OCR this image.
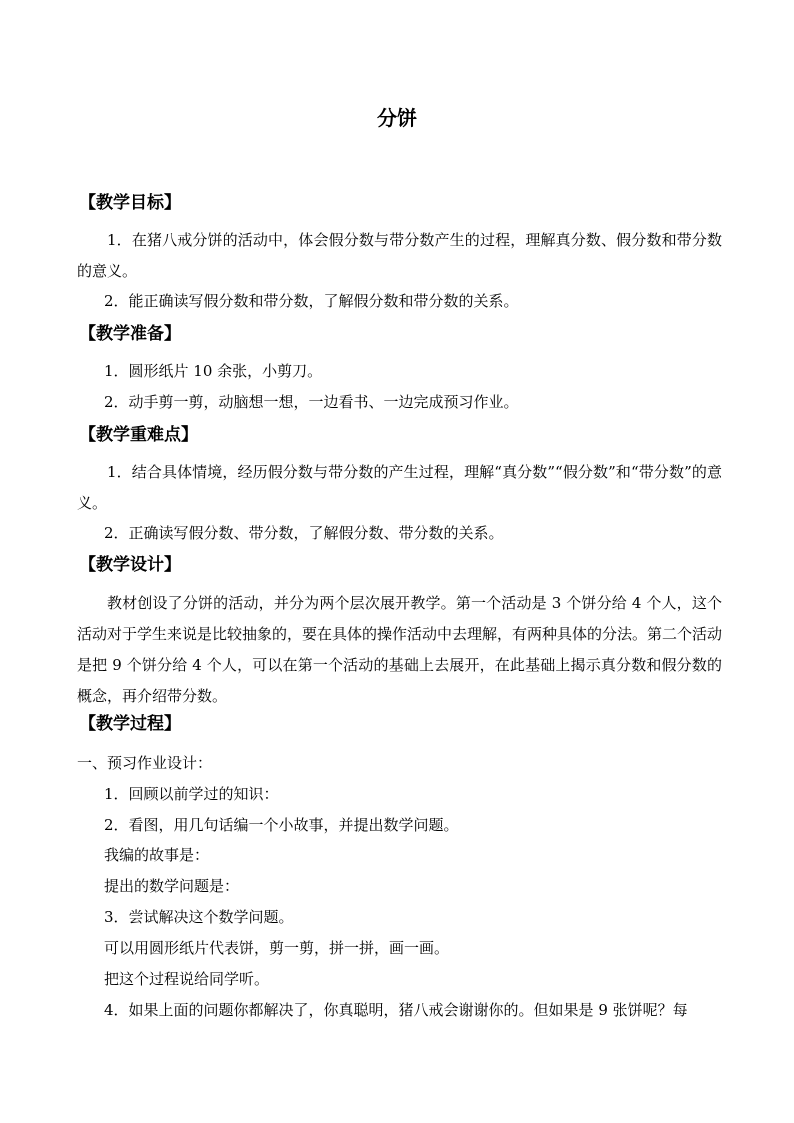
分饼
【教学目标】
1．在猪八戒分饼的活动中，体会假分数与带分数产生的过程，理解真分数、假分数和带分数的意义。
2．能正确读写假分数和带分数，了解假分数和带分数的关系。
【教学准备】
1．圆形纸片 10 余张，小剪刀。
2．动手剪一剪，动脑想一想，一边看书、一边完成预习作业。
【教学重难点】
1．结合具体情境，经历假分数与带分数的产生过程，理解“真分数”“假分数”和“带分数”的意义。
2．正确读写假分数、带分数，了解假分数、带分数的关系。
【教学设计】
教材创设了分饼的活动，并分为两个层次展开教学。第一个活动是 3 个饼分给 4 个人，这个活动对于学生来说是比较抽象的，要在具体的操作活动中去理解，有两种具体的分法。第二个活动是把 9 个饼分给 4 个人，可以在第一个活动的基础上去展开，在此基础上揭示真分数和假分数的概念，再介绍带分数。
【教学过程】
一、预习作业设计：
1．回顾以前学过的知识：
2．看图，用几句话编一个小故事，并提出数学问题。
我编的故事是：
提出的数学问题是：
3．尝试解决这个数学问题。
可以用圆形纸片代表饼，剪一剪，拼一拼，画一画。
把这个过程说给同学听。
4．如果上面的问题你都解决了，你真聪明，猪八戒会谢谢你的。但如果是 9 张饼呢？每
